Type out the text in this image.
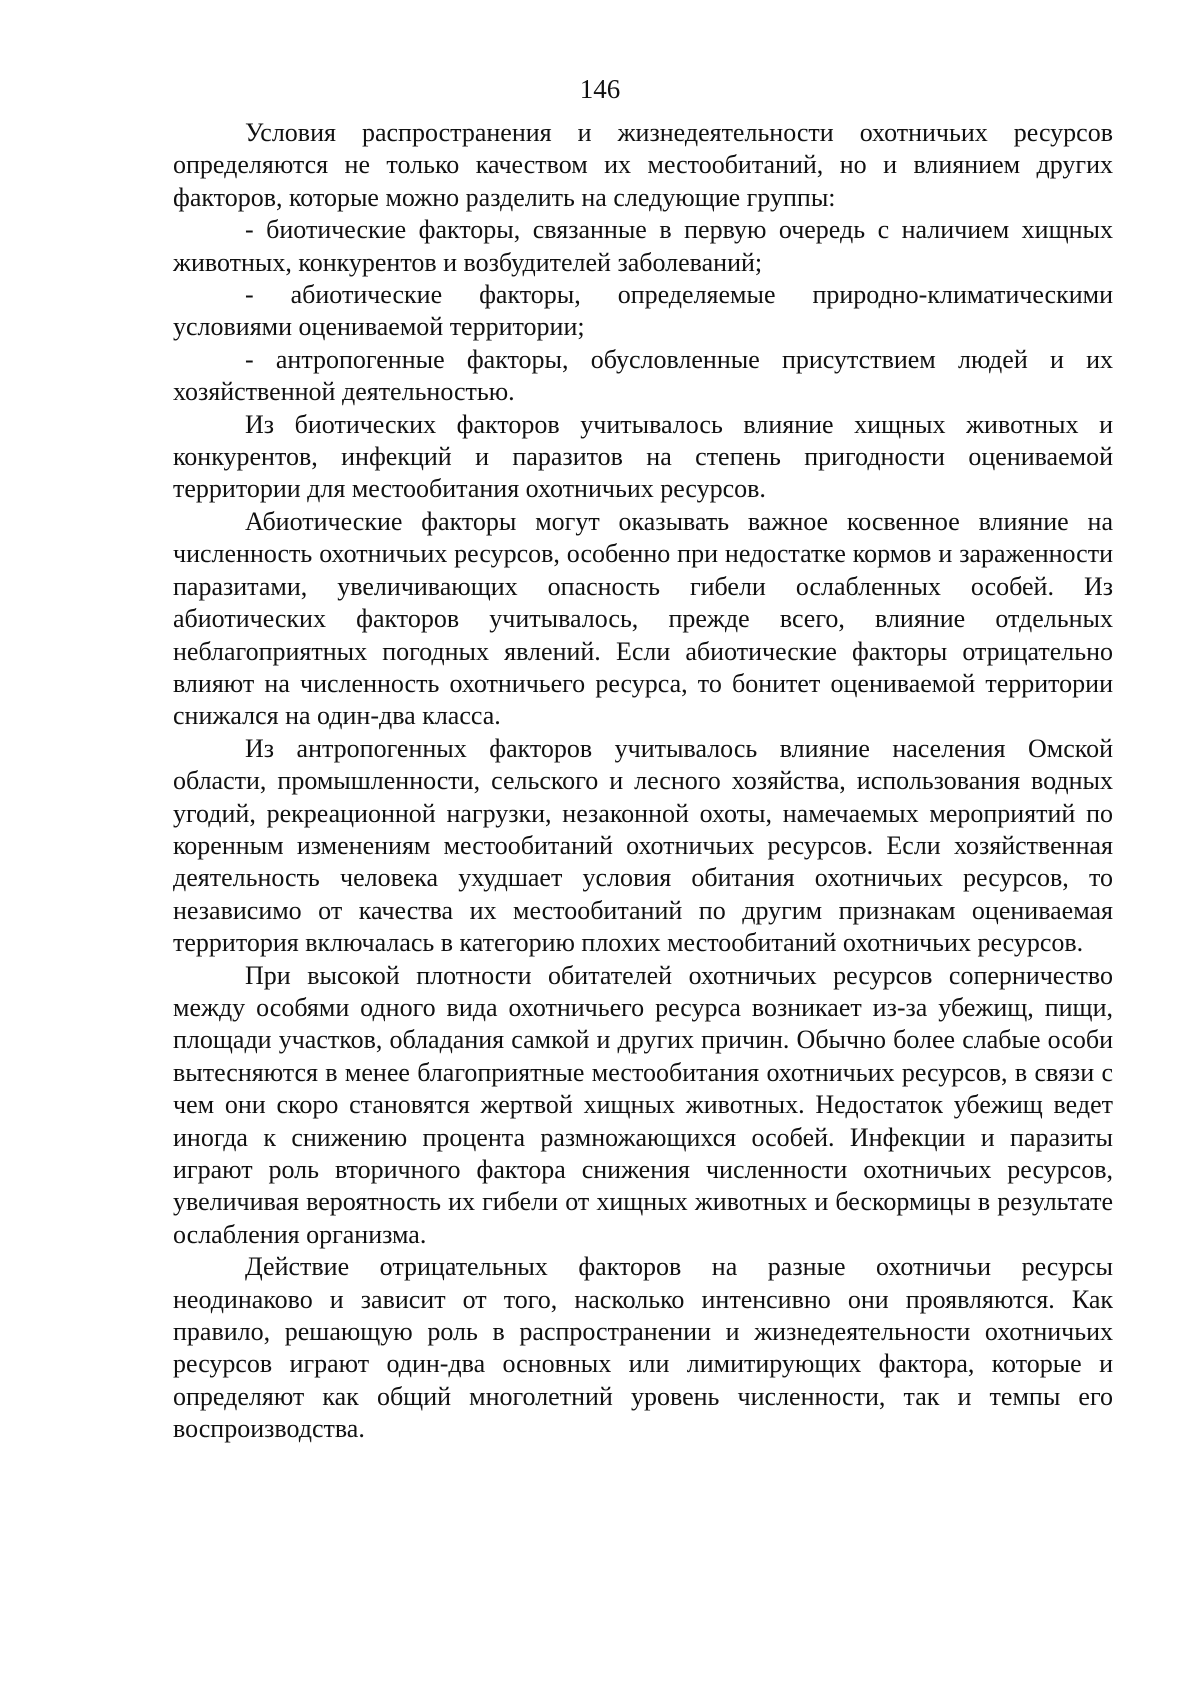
146

Условия распространения и жизнедеятельности охотничьих ресурсов определяются не только качеством их местообитаний, но и влиянием других факторов, которые можно разделить на следующие группы:

- биотические факторы, связанные в первую очередь с наличием хищных животных, конкурентов и возбудителей заболеваний;

- абиотические факторы, определяемые природно-климатическими условиями оцениваемой территории;

- антропогенные факторы, обусловленные присутствием людей и их хозяйственной деятельностью.

Из биотических факторов учитывалось влияние хищных животных и конкурентов, инфекций и паразитов на степень пригодности оцениваемой территории для местообитания охотничьих ресурсов.

Абиотические факторы могут оказывать важное косвенное влияние на численность охотничьих ресурсов, особенно при недостатке кормов и зараженности паразитами, увеличивающих опасность гибели ослабленных особей. Из абиотических факторов учитывалось, прежде всего, влияние отдельных неблагоприятных погодных явлений. Если абиотические факторы отрицательно влияют на численность охотничьего ресурса, то бонитет оцениваемой территории снижался на один-два класса.

Из антропогенных факторов учитывалось влияние населения Омской области, промышленности, сельского и лесного хозяйства, использования водных угодий, рекреационной нагрузки, незаконной охоты, намечаемых мероприятий по коренным изменениям местообитаний охотничьих ресурсов. Если хозяйственная деятельность человека ухудшает условия обитания охотничьих ресурсов, то независимо от качества их местообитаний по другим признакам оцениваемая территория включалась в категорию плохих местообитаний охотничьих ресурсов.

При высокой плотности обитателей охотничьих ресурсов соперничество между особями одного вида охотничьего ресурса возникает из-за убежищ, пищи, площади участков, обладания самкой и других причин. Обычно более слабые особи вытесняются в менее благоприятные местообитания охотничьих ресурсов, в связи с чем они скоро становятся жертвой хищных животных. Недостаток убежищ ведет иногда к снижению процента размножающихся особей. Инфекции и паразиты играют роль вторичного фактора снижения численности охотничьих ресурсов, увеличивая вероятность их гибели от хищных животных и бескормицы в результате ослабления организма.

Действие отрицательных факторов на разные охотничьи ресурсы неодинаково и зависит от того, насколько интенсивно они проявляются. Как правило, решающую роль в распространении и жизнедеятельности охотничьих ресурсов играют один-два основных или лимитирующих фактора, которые и определяют как общий многолетний уровень численности, так и темпы его воспроизводства.
